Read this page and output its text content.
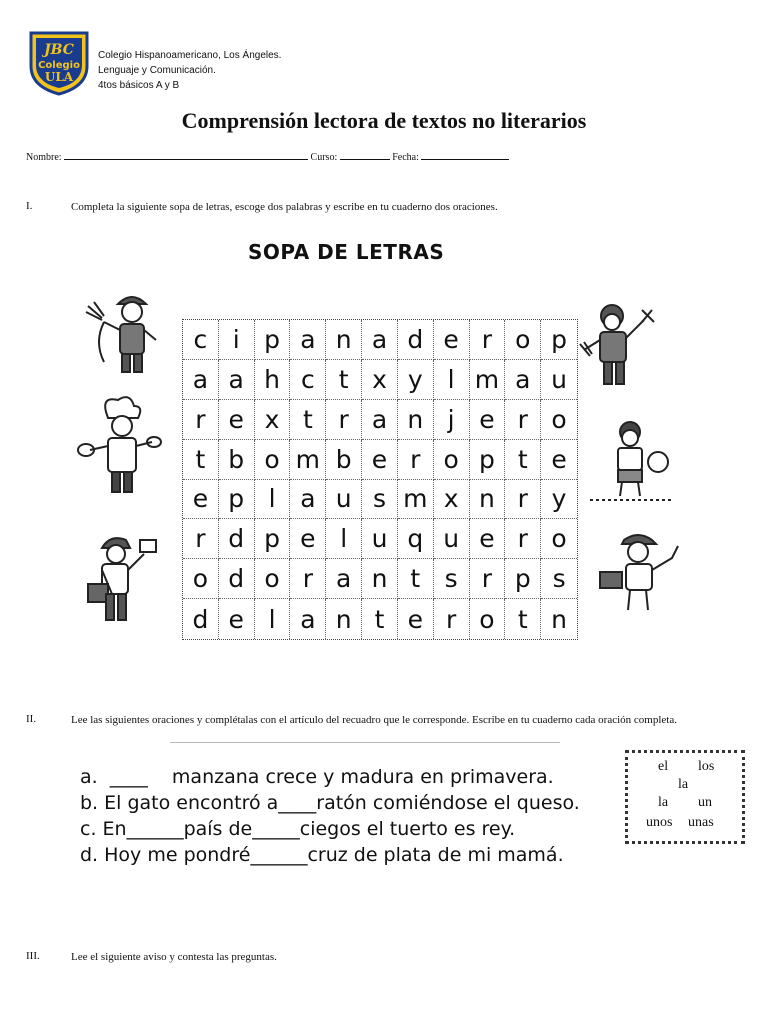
JBC
Colegio
ULA
Colegio Hispanoamericano, Los Ángeles.
Lenguaje y Comunicación.
4tos básicos A y B
Comprensión lectora de textos no literarios
Nombre:	Curso:	Fecha:
I.	Completa la siguiente sopa de letras, escoge dos palabras y escribe en tu cuaderno dos oraciones.
SOPA DE LETRAS
c	i p a n a d e r o p
a a h c t x y l m a u
r e x t	r a n j e r o
t b o m b e r o p t e
e p l a u s m x n r y
r d p e l u q u e r o
o d o r a n t s r p s
d e l a n t e r o t n
II.	Lee las siguientes oraciones y complétalas con el artículo del recuadro que le corresponde. Escribe en tu cuaderno cada oración completa.
a.  ____    manzana crece y madura en primavera.
b. El gato encontró a____ratón comiéndose el queso.
c. En______país de_____ciegos el tuerto es rey.
d. Hoy me pondré______cruz de plata de mi mamá.
el los
la
la un
unos unas
III.	Lee el siguiente aviso y contesta las preguntas.
